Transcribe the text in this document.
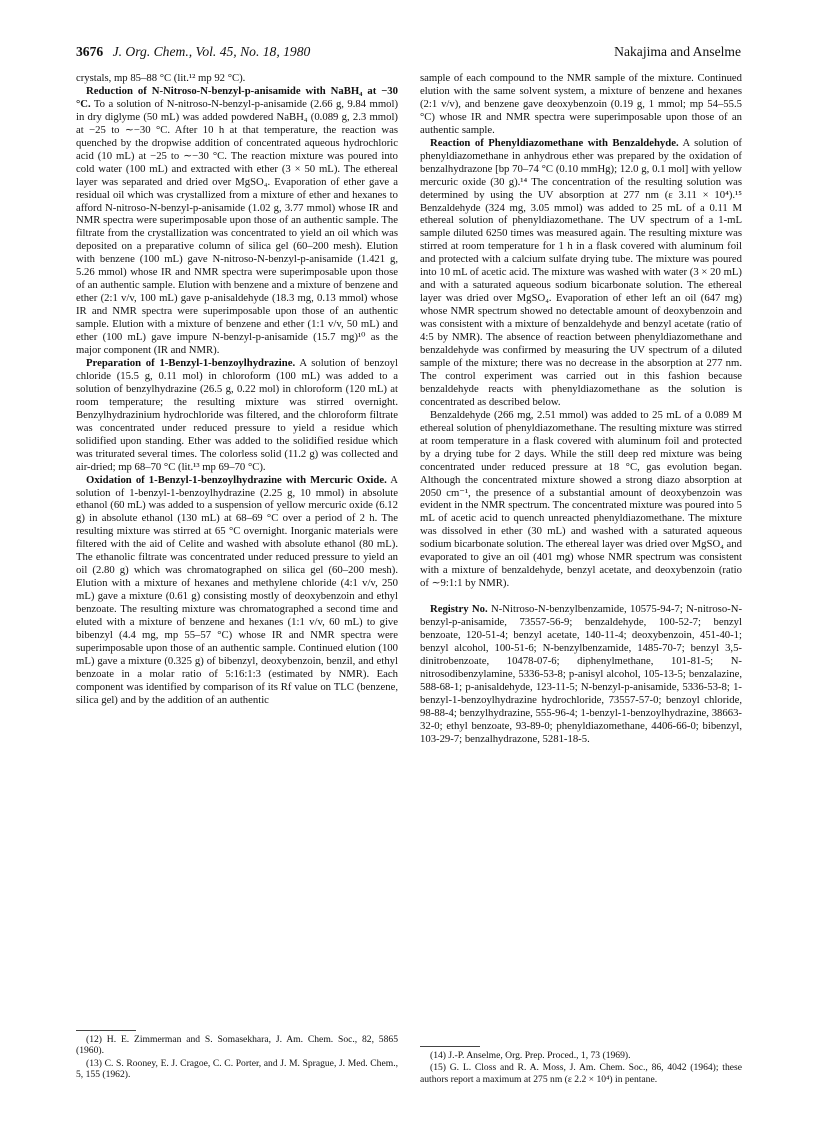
3676 J. Org. Chem., Vol. 45, No. 18, 1980	Nakajima and Anselme

crystals, mp 85–88 °C (lit.¹² mp 92 °C).

Reduction of N-Nitroso-N-benzyl-p-anisamide with NaBH₄ at −30 °C. To a solution of N-nitroso-N-benzyl-p-anisamide (2.66 g, 9.84 mmol) in dry diglyme (50 mL) was added powdered NaBH₄ (0.089 g, 2.3 mmol) at −25 to ∼−30 °C. After 10 h at that temperature, the reaction was quenched by the dropwise addition of concentrated aqueous hydrochloric acid (10 mL) at −25 to ∼−30 °C. The reaction mixture was poured into cold water (100 mL) and extracted with ether (3 × 50 mL). The ethereal layer was separated and dried over MgSO₄. Evaporation of ether gave a residual oil which was crystallized from a mixture of ether and hexanes to afford N-nitroso-N-benzyl-p-anisamide (1.02 g, 3.77 mmol) whose IR and NMR spectra were superimposable upon those of an authentic sample. The filtrate from the crystallization was concentrated to yield an oil which was deposited on a preparative column of silica gel (60–200 mesh). Elution with benzene (100 mL) gave N-nitroso-N-benzyl-p-anisamide (1.421 g, 5.26 mmol) whose IR and NMR spectra were superimposable upon those of an authentic sample. Elution with benzene and a mixture of benzene and ether (2:1 v/v, 100 mL) gave p-anisaldehyde (18.3 mg, 0.13 mmol) whose IR and NMR spectra were superimposable upon those of an authentic sample. Elution with a mixture of benzene and ether (1:1 v/v, 50 mL) and ether (100 mL) gave impure N-benzyl-p-anisamide (15.7 mg)¹⁰ as the major component (IR and NMR).

Preparation of 1-Benzyl-1-benzoylhydrazine. A solution of benzoyl chloride (15.5 g, 0.11 mol) in chloroform (100 mL) was added to a solution of benzylhydrazine (26.5 g, 0.22 mol) in chloroform (120 mL) at room temperature; the resulting mixture was stirred overnight. Benzylhydrazinium hydrochloride was filtered, and the chloroform filtrate was concentrated under reduced pressure to yield a residue which solidified upon standing. Ether was added to the solidified residue which was triturated several times. The colorless solid (11.2 g) was collected and air-dried; mp 68–70 °C (lit.¹³ mp 69–70 °C).

Oxidation of 1-Benzyl-1-benzoylhydrazine with Mercuric Oxide. A solution of 1-benzyl-1-benzoylhydrazine (2.25 g, 10 mmol) in absolute ethanol (60 mL) was added to a suspension of yellow mercuric oxide (6.12 g) in absolute ethanol (130 mL) at 68–69 °C over a period of 2 h. The resulting mixture was stirred at 65 °C overnight. Inorganic materials were filtered with the aid of Celite and washed with absolute ethanol (80 mL). The ethanolic filtrate was concentrated under reduced pressure to yield an oil (2.80 g) which was chromatographed on silica gel (60–200 mesh). Elution with a mixture of hexanes and methylene chloride (4:1 v/v, 250 mL) gave a mixture (0.61 g) consisting mostly of deoxybenzoin and ethyl benzoate. The resulting mixture was chromatographed a second time and eluted with a mixture of benzene and hexanes (1:1 v/v, 60 mL) to give bibenzyl (4.4 mg, mp 55–57 °C) whose IR and NMR spectra were superimposable upon those of an authentic sample. Continued elution (100 mL) gave a mixture (0.325 g) of bibenzyl, deoxybenzoin, benzil, and ethyl benzoate in a molar ratio of 5:16:1:3 (estimated by NMR). Each component was identified by comparison of its Rf value on TLC (benzene, silica gel) and by the addition of an authentic

sample of each compound to the NMR sample of the mixture. Continued elution with the same solvent system, a mixture of benzene and hexanes (2:1 v/v), and benzene gave deoxybenzoin (0.19 g, 1 mmol; mp 54–55.5 °C) whose IR and NMR spectra were superimposable upon those of an authentic sample.

Reaction of Phenyldiazomethane with Benzaldehyde. A solution of phenyldiazomethane in anhydrous ether was prepared by the oxidation of benzalhydrazone [bp 70–74 °C (0.10 mmHg); 12.0 g, 0.1 mol] with yellow mercuric oxide (30 g).¹⁴ The concentration of the resulting solution was determined by using the UV absorption at 277 nm (ε 3.11 × 10⁴).¹⁵ Benzaldehyde (324 mg, 3.05 mmol) was added to 25 mL of a 0.11 M ethereal solution of phenyldiazomethane. The UV spectrum of a 1-mL sample diluted 6250 times was measured again. The resulting mixture was stirred at room temperature for 1 h in a flask covered with aluminum foil and protected with a calcium sulfate drying tube. The mixture was poured into 10 mL of acetic acid. The mixture was washed with water (3 × 20 mL) and with a saturated aqueous sodium bicarbonate solution. The ethereal layer was dried over MgSO₄. Evaporation of ether left an oil (647 mg) whose NMR spectrum showed no detectable amount of deoxybenzoin and was consistent with a mixture of benzaldehyde and benzyl acetate (ratio of 4:5 by NMR). The absence of reaction between phenyldiazomethane and benzaldehyde was confirmed by measuring the UV spectrum of a diluted sample of the mixture; there was no decrease in the absorption at 277 nm. The control experiment was carried out in this fashion because benzaldehyde reacts with phenyldiazomethane as the solution is concentrated as described below.

Benzaldehyde (266 mg, 2.51 mmol) was added to 25 mL of a 0.089 M ethereal solution of phenyldiazomethane. The resulting mixture was stirred at room temperature in a flask covered with aluminum foil and protected by a drying tube for 2 days. While the still deep red mixture was being concentrated under reduced pressure at 18 °C, gas evolution began. Although the concentrated mixture showed a strong diazo absorption at 2050 cm⁻¹, the presence of a substantial amount of deoxybenzoin was evident in the NMR spectrum. The concentrated mixture was poured into 5 mL of acetic acid to quench unreacted phenyldiazomethane. The mixture was dissolved in ether (30 mL) and washed with a saturated aqueous sodium bicarbonate solution. The ethereal layer was dried over MgSO₄ and evaporated to give an oil (401 mg) whose NMR spectrum was consistent with a mixture of benzaldehyde, benzyl acetate, and deoxybenzoin (ratio of ∼9:1:1 by NMR).

Registry No. N-Nitroso-N-benzylbenzamide, 10575-94-7; N-nitroso-N-benzyl-p-anisamide, 73557-56-9; benzaldehyde, 100-52-7; benzyl benzoate, 120-51-4; benzyl acetate, 140-11-4; deoxybenzoin, 451-40-1; benzyl alcohol, 100-51-6; N-benzylbenzamide, 1485-70-7; benzyl 3,5-dinitrobenzoate, 10478-07-6; diphenylmethane, 101-81-5; N-nitrosodibenzylamine, 5336-53-8; p-anisyl alcohol, 105-13-5; benzalazine, 588-68-1; p-anisaldehyde, 123-11-5; N-benzyl-p-anisamide, 5336-53-8; 1-benzyl-1-benzoylhydrazine hydrochloride, 73557-57-0; benzoyl chloride, 98-88-4; benzylhydrazine, 555-96-4; 1-benzyl-1-benzoylhydrazine, 38663-32-0; ethyl benzoate, 93-89-0; phenyldiazomethane, 4406-66-0; bibenzyl, 103-29-7; benzalhydrazone, 5281-18-5.

(12) H. E. Zimmerman and S. Somasekhara, J. Am. Chem. Soc., 82, 5865 (1960).

(13) C. S. Rooney, E. J. Cragoe, C. C. Porter, and J. M. Sprague, J. Med. Chem., 5, 155 (1962).

(14) J.-P. Anselme, Org. Prep. Proced., 1, 73 (1969).

(15) G. L. Closs and R. A. Moss, J. Am. Chem. Soc., 86, 4042 (1964); these authors report a maximum at 275 nm (ε 2.2 × 10⁴) in pentane.
